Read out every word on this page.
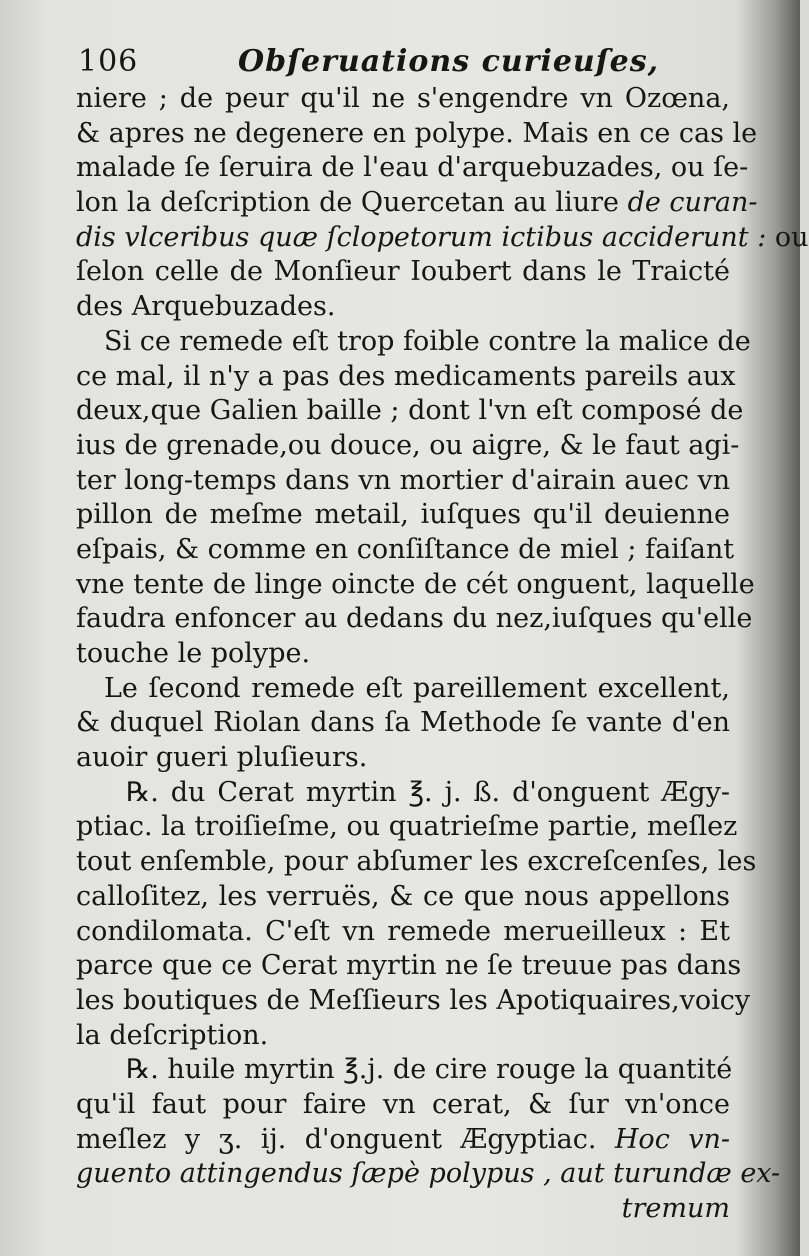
106	Obſeruations curieuſes,
niere ; de peur qu'il ne s'engendre vn Ozœna,
& apres ne degenere en polype. Mais en ce cas le
malade ſe ſeruira de l'eau d'arquebuzades, ou ſe-
lon la deſcription de Quercetan au liure de curan-
dis vlceribus quæ ſclopetorum ictibus acciderunt : ou
ſelon celle de Monſieur Ioubert dans le Traicté
des Arquebuzades.
Si ce remede eſt trop foible contre la malice de
ce mal, il n'y a pas des medicaments pareils aux
deux,que Galien baille ; dont l'vn eſt composé de
ius de grenade,ou douce, ou aigre, & le faut agi-
ter long-temps dans vn mortier d'airain auec vn
pillon de meſme metail, iuſques qu'il deuienne
eſpais, & comme en conſiſtance de miel ; faiſant
vne tente de linge oincte de cét onguent, laquelle
faudra enfoncer au dedans du nez,iuſques qu'elle
touche le polype.
Le ſecond remede eſt pareillement excellent,
& duquel Riolan dans ſa Methode ſe vante d'en
auoir gueri pluſieurs.
℞. du Cerat myrtin ℥. j. ß. d'onguent Ægy-
ptiac. la troiſieſme, ou quatrieſme partie, meſlez
tout enſemble, pour abſumer les excreſcenſes, les
calloſitez, les verruës, & ce que nous appellons
condilomata. C'eſt vn remede merueilleux : Et
parce que ce Cerat myrtin ne ſe treuue pas dans
les boutiques de Meſſieurs les Apotiquaires,voicy
la deſcription.
℞. huile myrtin ℥.j. de cire rouge la quantité
qu'il faut pour faire vn cerat, & ſur vn'once
meſlez y ʒ. ij. d'onguent Ægyptiac. Hoc vn-
guento attingendus ſæpè polypus , aut turundæ ex-
tremum
